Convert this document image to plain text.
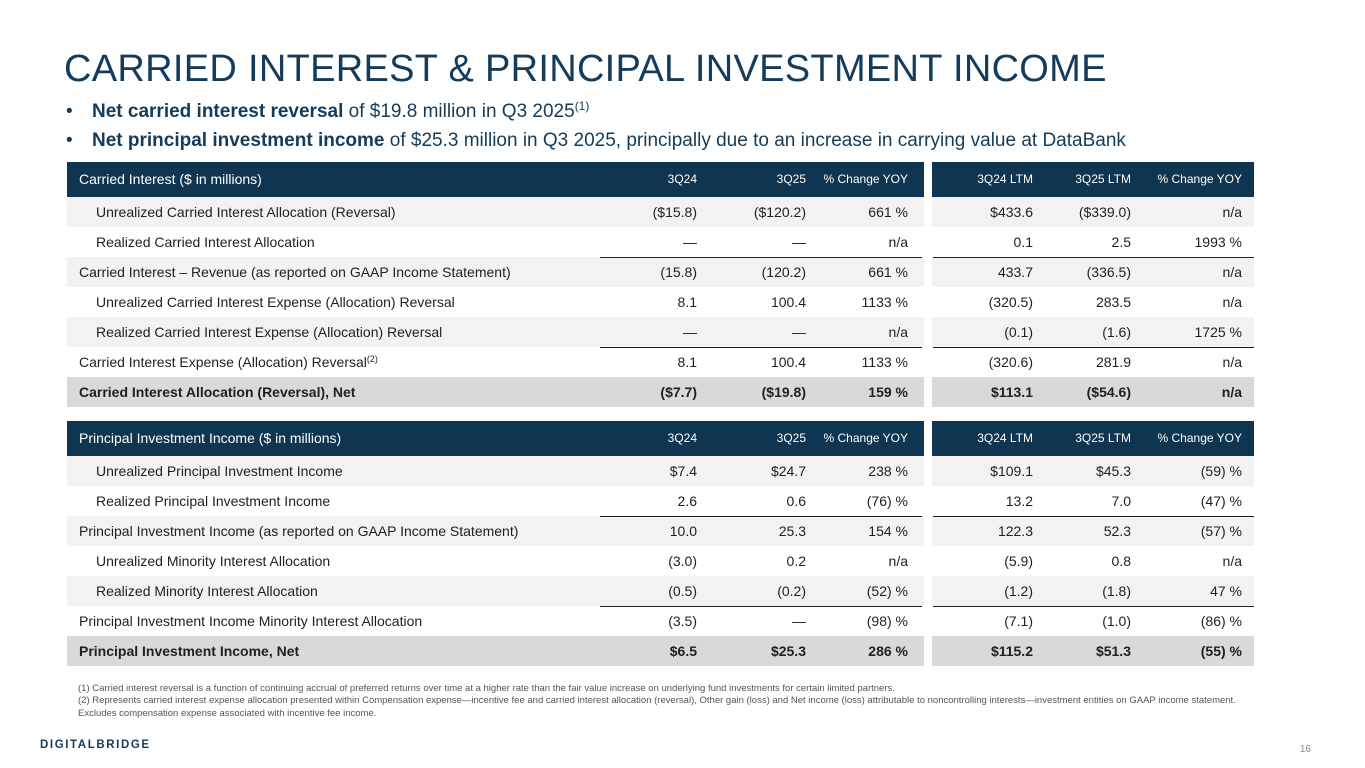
CARRIED INTEREST & PRINCIPAL INVESTMENT INCOME
• Net carried interest reversal of $19.8 million in Q3 2025$^{(1)}$
• Net principal investment income of $25.3 million in Q3 2025, principally due to an increase in carrying value at DataBank
Carried Interest ($ in millions)	3Q24	3Q25	% Change YOY	3Q24 LTM	3Q25 LTM	% Change YOY
Unrealized Carried Interest Allocation (Reversal)	($15.8)	($120.2)	661 %	$433.6	($339.0)	n/a
Realized Carried Interest Allocation	—	—	n/a	0.1	2.5	1993 %
Carried Interest – Revenue (as reported on GAAP Income Statement)	(15.8)	(120.2)	661 %	433.7	(336.5)	n/a
Unrealized Carried Interest Expense (Allocation) Reversal	8.1	100.4	1133 %	(320.5)	283.5	n/a
Realized Carried Interest Expense (Allocation) Reversal	—	—	n/a	(0.1)	(1.6)	1725 %
Carried Interest Expense (Allocation) Reversal$^{(2)}$	8.1	100.4	1133 %	(320.6)	281.9	n/a
Carried Interest Allocation (Reversal), Net	($7.7)	($19.8)	159 %	$113.1	($54.6)	n/a
Principal Investment Income ($ in millions)	3Q24	3Q25	% Change YOY	3Q24 LTM	3Q25 LTM	% Change YOY
Unrealized Principal Investment Income	$7.4	$24.7	238 %	$109.1	$45.3	(59) %
Realized Principal Investment Income	2.6	0.6	(76) %	13.2	7.0	(47) %
Principal Investment Income (as reported on GAAP Income Statement)	10.0	25.3	154 %	122.3	52.3	(57) %
Unrealized Minority Interest Allocation	(3.0)	0.2	n/a	(5.9)	0.8	n/a
Realized Minority Interest Allocation	(0.5)	(0.2)	(52) %	(1.2)	(1.8)	47 %
Principal Investment Income Minority Interest Allocation	(3.5)	—	(98) %	(7.1)	(1.0)	(86) %
Principal Investment Income, Net	$6.5	$25.3	286 %	$115.2	$51.3	(55) %

(1) Carried interest reversal is a function of continuing accrual of preferred returns over time at a higher rate than the fair value increase on underlying fund investments for certain limited partners.

(2) Represents carried interest expense allocation presented within Compensation expense—incentive fee and carried interest allocation (reversal), Other gain (loss) and Net income (loss) attributable to noncontrolling interests—investment entities on GAAP income statement. Excludes compensation expense associated with incentive fee income.

DIGITALBRIDGE	16
